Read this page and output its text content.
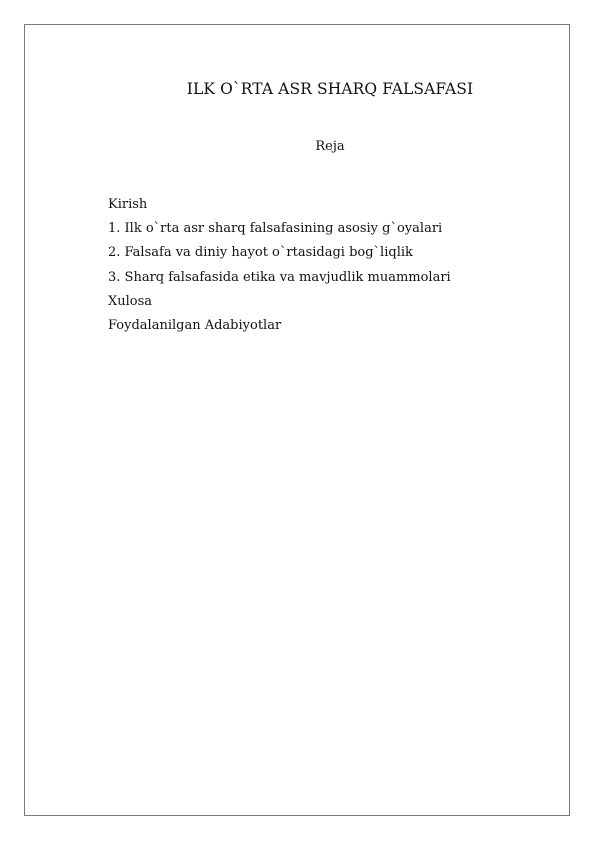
ILK O`RTA ASR SHARQ FALSAFASI
Reja
Kirish
1. Ilk o`rta asr sharq falsafasining asosiy g`oyalari
2. Falsafa va diniy hayot o`rtasidagi bog`liqlik
3. Sharq falsafasida etika va mavjudlik muammolari
Xulosa
Foydalanilgan Adabiyotlar
